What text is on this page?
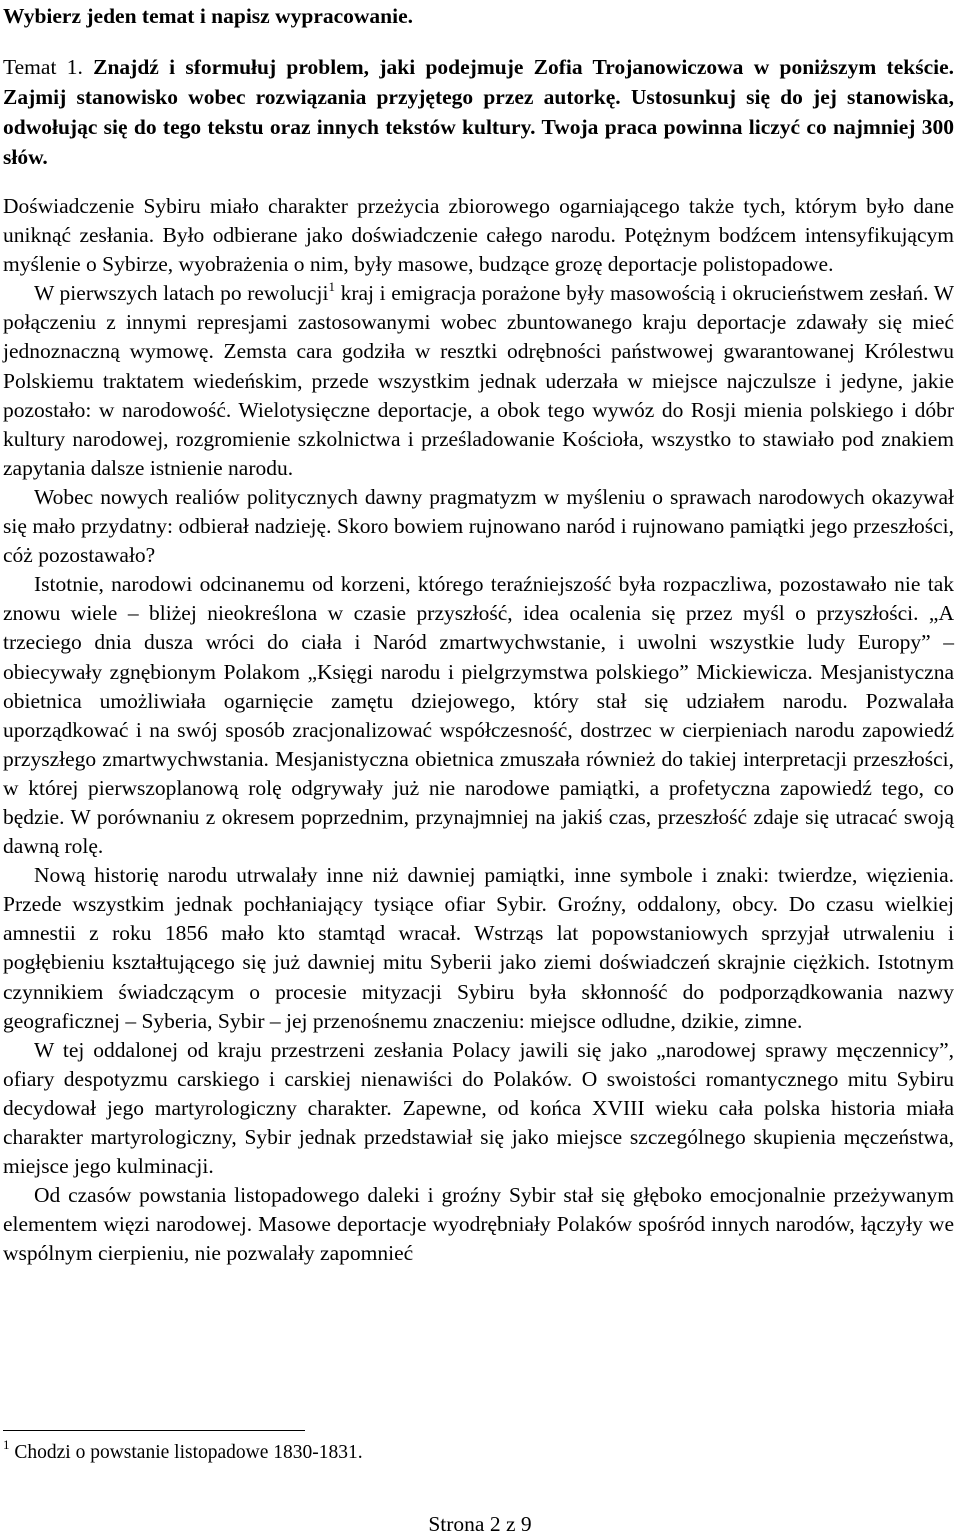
Wybierz jeden temat i napisz wypracowanie.

Temat 1. Znajdź i sformułuj problem, jaki podejmuje Zofia Trojanowiczowa w poniższym tekście. Zajmij stanowisko wobec rozwiązania przyjętego przez autorkę. Ustosunkuj się do jej stanowiska, odwołując się do tego tekstu oraz innych tekstów kultury. Twoja praca powinna liczyć co najmniej 300 słów.

Doświadczenie Sybiru miało charakter przeżycia zbiorowego ogarniającego także tych, którym było dane uniknąć zesłania. Było odbierane jako doświadczenie całego narodu. Potężnym bodźcem intensyfikującym myślenie o Sybirze, wyobrażenia o nim, były masowe, budzące grozę deportacje polistopadowe.

W pierwszych latach po rewolucji$^1$ kraj i emigracja porażone były masowością i okrucieństwem zesłań. W połączeniu z innymi represjami zastosowanymi wobec zbuntowanego kraju deportacje zdawały się mieć jednoznaczną wymowę. Zemsta cara godziła w resztki odrębności państwowej gwarantowanej Królestwu Polskiemu traktatem wiedeńskim, przede wszystkim jednak uderzała w miejsce najczulsze i jedyne, jakie pozostało: w narodowość. Wielotysięczne deportacje, a obok tego wywóz do Rosji mienia polskiego i dóbr kultury narodowej, rozgromienie szkolnictwa i prześladowanie Kościoła, wszystko to stawiało pod znakiem zapytania dalsze istnienie narodu.

Wobec nowych realiów politycznych dawny pragmatyzm w myśleniu o sprawach narodowych okazywał się mało przydatny: odbierał nadzieję. Skoro bowiem rujnowano naród i rujnowano pamiątki jego przeszłości, cóż pozostawało?

Istotnie, narodowi odcinanemu od korzeni, którego teraźniejszość była rozpaczliwa, pozostawało nie tak znowu wiele – bliżej nieokreślona w czasie przyszłość, idea ocalenia się przez myśl o przyszłości. „A trzeciego dnia dusza wróci do ciała i Naród zmartwychwstanie, i uwolni wszystkie ludy Europy” – obiecywały zgnębionym Polakom „Księgi narodu i pielgrzymstwa polskiego” Mickiewicza. Mesjanistyczna obietnica umożliwiała ogarnięcie zamętu dziejowego, który stał się udziałem narodu. Pozwalała uporządkować i na swój sposób zracjonalizować współczesność, dostrzec w cierpieniach narodu zapowiedź przyszłego zmartwychwstania. Mesjanistyczna obietnica zmuszała również do takiej interpretacji przeszłości, w której pierwszoplanową rolę odgrywały już nie narodowe pamiątki, a profetyczna zapowiedź tego, co będzie. W porównaniu z okresem poprzednim, przynajmniej na jakiś czas, przeszłość zdaje się utracać swoją dawną rolę.

Nową historię narodu utrwalały inne niż dawniej pamiątki, inne symbole i znaki: twierdze, więzienia. Przede wszystkim jednak pochłaniający tysiące ofiar Sybir. Groźny, oddalony, obcy. Do czasu wielkiej amnestii z roku 1856 mało kto stamtąd wracał. Wstrząs lat popowstaniowych sprzyjał utrwaleniu i pogłębieniu kształtującego się już dawniej mitu Syberii jako ziemi doświadczeń skrajnie ciężkich. Istotnym czynnikiem świadczącym o procesie mityzacji Sybiru była skłonność do podporządkowania nazwy geograficznej – Syberia, Sybir – jej przenośnemu znaczeniu: miejsce odludne, dzikie, zimne.

W tej oddalonej od kraju przestrzeni zesłania Polacy jawili się jako „narodowej sprawy męczennicy”, ofiary despotyzmu carskiego i carskiej nienawiści do Polaków. O swoistości romantycznego mitu Sybiru decydował jego martyrologiczny charakter. Zapewne, od końca XVIII wieku cała polska historia miała charakter martyrologiczny, Sybir jednak przedstawiał się jako miejsce szczególnego skupienia męczeństwa, miejsce jego kulminacji.

Od czasów powstania listopadowego daleki i groźny Sybir stał się głęboko emocjonalnie przeżywanym elementem więzi narodowej. Masowe deportacje wyodrębniały Polaków spośród innych narodów, łączyły we wspólnym cierpieniu, nie pozwalały zapomnieć

$^1$ Chodzi o powstanie listopadowe 1830-1831.
Strona 2 z 9
